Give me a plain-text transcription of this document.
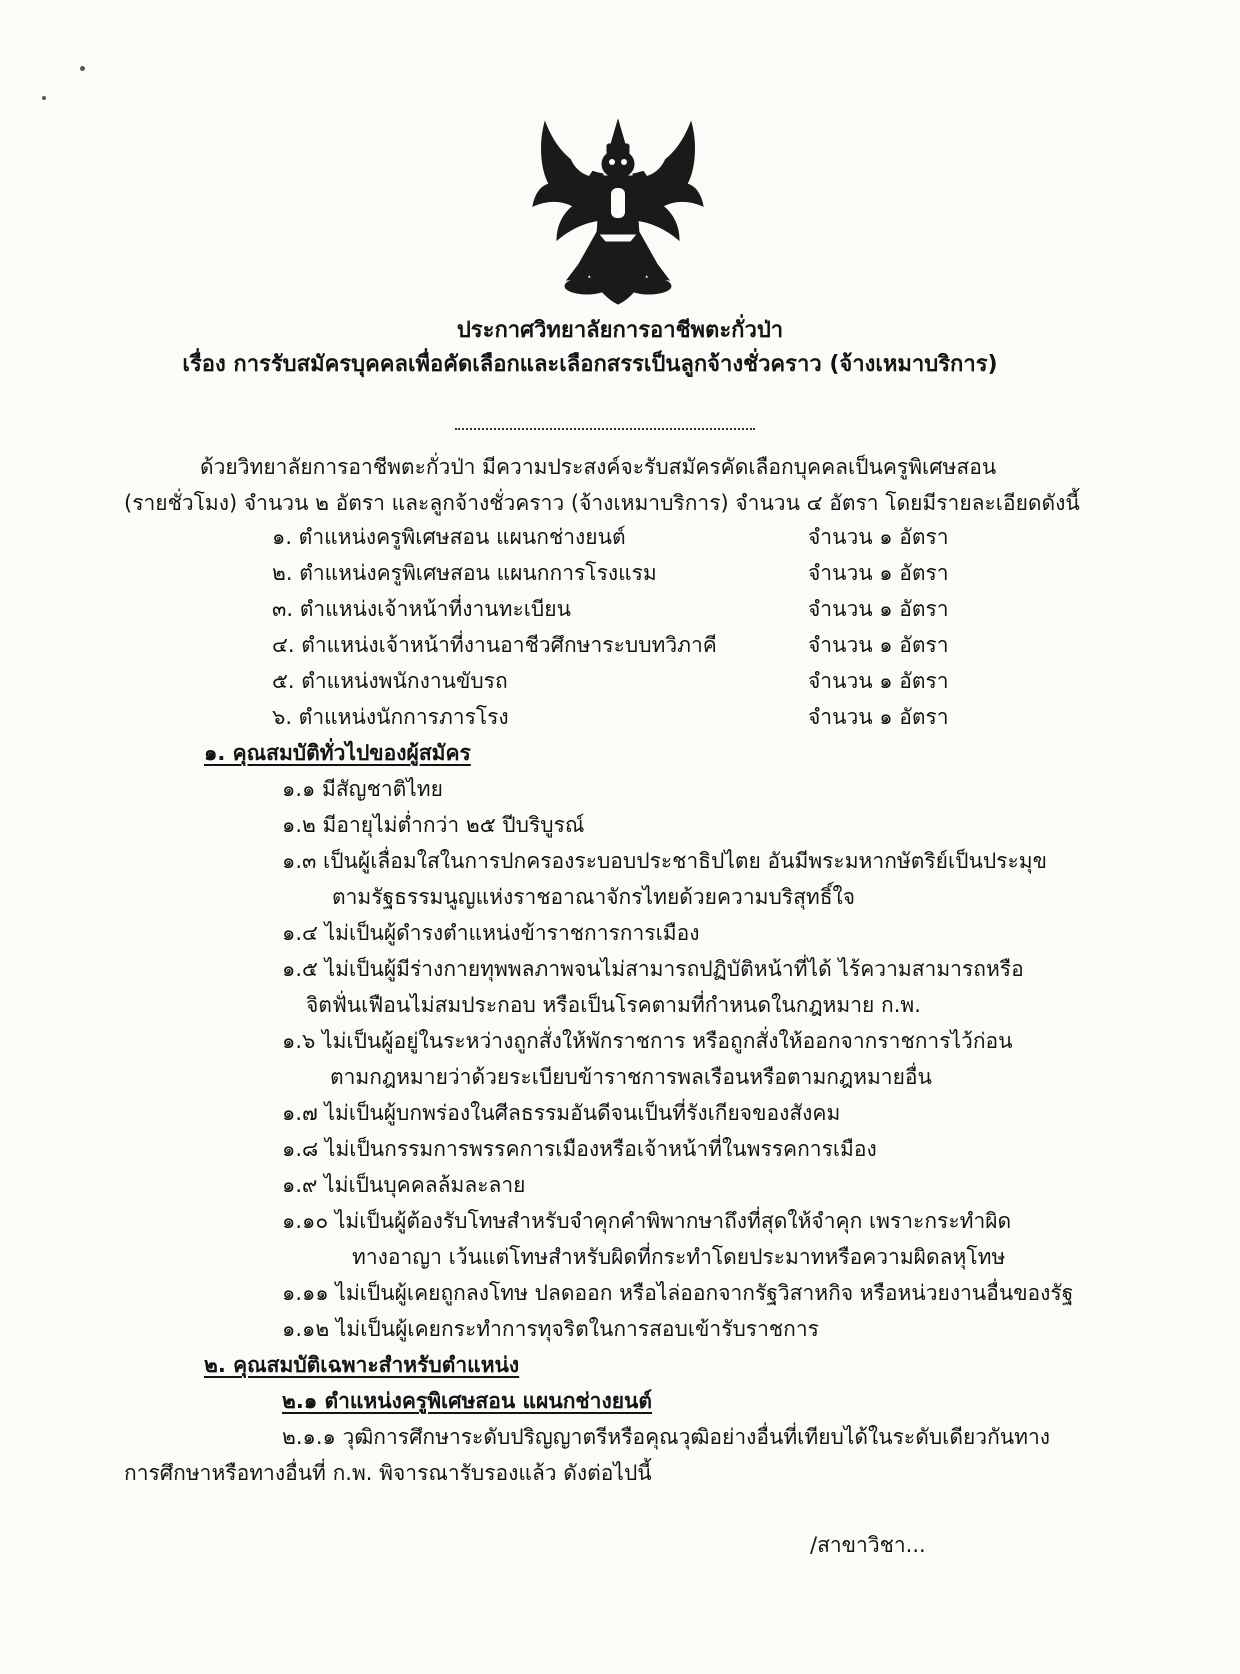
ประกาศวิทยาลัยการอาชีพตะกั่วป่า
เรื่อง การรับสมัครบุคคลเพื่อคัดเลือกและเลือกสรรเป็นลูกจ้างชั่วคราว (จ้างเหมาบริการ)
ด้วยวิทยาลัยการอาชีพตะกั่วป่า มีความประสงค์จะรับสมัครคัดเลือกบุคคลเป็นครูพิเศษสอน
(รายชั่วโมง) จำนวน ๒ อัตรา และลูกจ้างชั่วคราว (จ้างเหมาบริการ) จำนวน ๔ อัตรา โดยมีรายละเอียดดังนี้
๑. ตำแหน่งครูพิเศษสอน แผนกช่างยนต์	จำนวน ๑ อัตรา
๒. ตำแหน่งครูพิเศษสอน แผนกการโรงแรม	จำนวน ๑ อัตรา
๓. ตำแหน่งเจ้าหน้าที่งานทะเบียน	จำนวน ๑ อัตรา
๔. ตำแหน่งเจ้าหน้าที่งานอาชีวศึกษาระบบทวิภาคี	จำนวน ๑ อัตรา
๕. ตำแหน่งพนักงานขับรถ	จำนวน ๑ อัตรา
๖. ตำแหน่งนักการภารโรง	จำนวน ๑ อัตรา
๑. คุณสมบัติทั่วไปของผู้สมัคร
๑.๑ มีสัญชาติไทย
๑.๒ มีอายุไม่ต่ำกว่า ๒๕ ปีบริบูรณ์
๑.๓ เป็นผู้เลื่อมใสในการปกครองระบอบประชาธิปไตย อันมีพระมหากษัตริย์เป็นประมุข
ตามรัฐธรรมนูญแห่งราชอาณาจักรไทยด้วยความบริสุทธิ์ใจ
๑.๔ ไม่เป็นผู้ดำรงตำแหน่งข้าราชการการเมือง
๑.๕ ไม่เป็นผู้มีร่างกายทุพพลภาพจนไม่สามารถปฏิบัติหน้าที่ได้ ไร้ความสามารถหรือ
จิตฟั่นเฟือนไม่สมประกอบ หรือเป็นโรคตามที่กำหนดในกฎหมาย ก.พ.
๑.๖ ไม่เป็นผู้อยู่ในระหว่างถูกสั่งให้พักราชการ หรือถูกสั่งให้ออกจากราชการไว้ก่อน
ตามกฎหมายว่าด้วยระเบียบข้าราชการพลเรือนหรือตามกฎหมายอื่น
๑.๗ ไม่เป็นผู้บกพร่องในศีลธรรมอันดีจนเป็นที่รังเกียจของสังคม
๑.๘ ไม่เป็นกรรมการพรรคการเมืองหรือเจ้าหน้าที่ในพรรคการเมือง
๑.๙ ไม่เป็นบุคคลล้มละลาย
๑.๑๐ ไม่เป็นผู้ต้องรับโทษสำหรับจำคุกคำพิพากษาถึงที่สุดให้จำคุก เพราะกระทำผิด
ทางอาญา เว้นแต่โทษสำหรับผิดที่กระทำโดยประมาทหรือความผิดลหุโทษ
๑.๑๑ ไม่เป็นผู้เคยถูกลงโทษ ปลดออก หรือไล่ออกจากรัฐวิสาหกิจ หรือหน่วยงานอื่นของรัฐ
๑.๑๒ ไม่เป็นผู้เคยกระทำการทุจริตในการสอบเข้ารับราชการ
๒. คุณสมบัติเฉพาะสำหรับตำแหน่ง
๒.๑ ตำแหน่งครูพิเศษสอน แผนกช่างยนต์
๒.๑.๑ วุฒิการศึกษาระดับปริญญาตรีหรือคุณวุฒิอย่างอื่นที่เทียบได้ในระดับเดียวกันทาง
การศึกษาหรือทางอื่นที่ ก.พ. พิจารณารับรองแล้ว ดังต่อไปนี้
/สาขาวิชา...
